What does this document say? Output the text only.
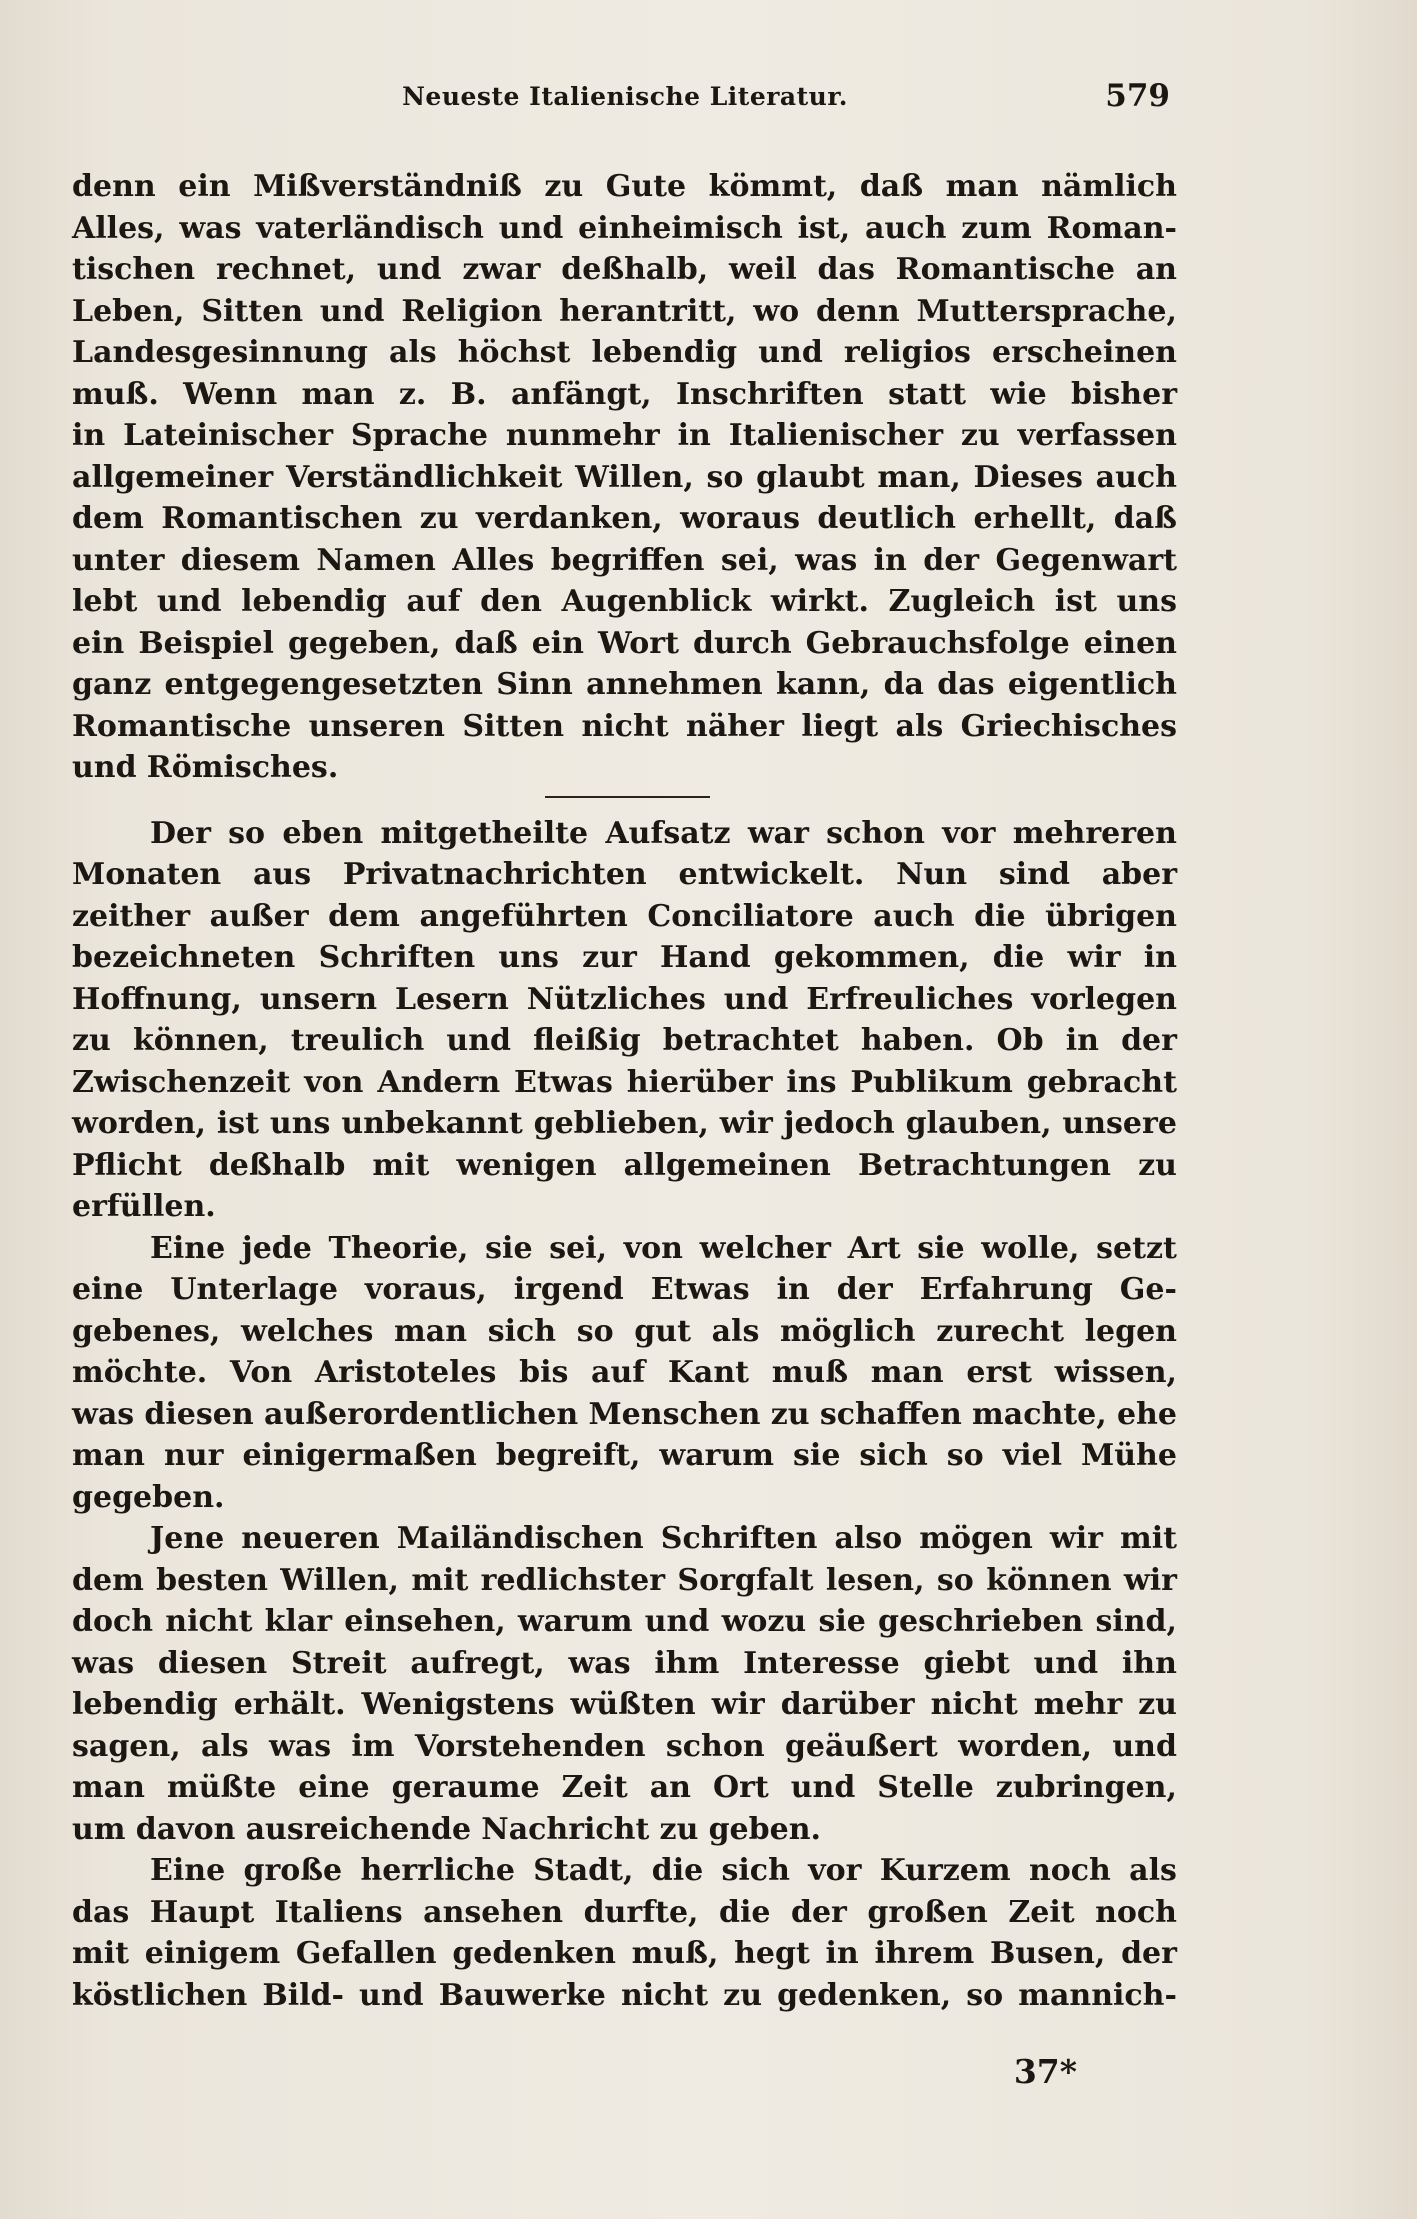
Neueste Italienische Literatur.	579
denn ein Mißverständniß zu Gute kömmt, daß man nämlich
Alles, was vaterländisch und einheimisch ist, auch zum Roman-
tischen rechnet, und zwar deßhalb, weil das Romantische an
Leben, Sitten und Religion herantritt, wo denn Muttersprache,
Landesgesinnung als höchst lebendig und religios erscheinen
muß. Wenn man z. B. anfängt, Inschriften statt wie bisher
in Lateinischer Sprache nunmehr in Italienischer zu verfassen
allgemeiner Verständlichkeit Willen, so glaubt man, Dieses auch
dem Romantischen zu verdanken, woraus deutlich erhellt, daß
unter diesem Namen Alles begriffen sei, was in der Gegenwart
lebt und lebendig auf den Augenblick wirkt. Zugleich ist uns
ein Beispiel gegeben, daß ein Wort durch Gebrauchsfolge einen
ganz entgegengesetzten Sinn annehmen kann, da das eigentlich
Romantische unseren Sitten nicht näher liegt als Griechisches
und Römisches.
Der so eben mitgetheilte Aufsatz war schon vor mehreren
Monaten aus Privatnachrichten entwickelt. Nun sind aber
zeither außer dem angeführten Conciliatore auch die übrigen
bezeichneten Schriften uns zur Hand gekommen, die wir in
Hoffnung, unsern Lesern Nützliches und Erfreuliches vorlegen
zu können, treulich und fleißig betrachtet haben. Ob in der
Zwischenzeit von Andern Etwas hierüber ins Publikum gebracht
worden, ist uns unbekannt geblieben, wir jedoch glauben, unsere
Pflicht deßhalb mit wenigen allgemeinen Betrachtungen zu
erfüllen.
Eine jede Theorie, sie sei, von welcher Art sie wolle, setzt
eine Unterlage voraus, irgend Etwas in der Erfahrung Ge-
gebenes, welches man sich so gut als möglich zurecht legen
möchte. Von Aristoteles bis auf Kant muß man erst wissen,
was diesen außerordentlichen Menschen zu schaffen machte, ehe
man nur einigermaßen begreift, warum sie sich so viel Mühe
gegeben.
Jene neueren Mailändischen Schriften also mögen wir mit
dem besten Willen, mit redlichster Sorgfalt lesen, so können wir
doch nicht klar einsehen, warum und wozu sie geschrieben sind,
was diesen Streit aufregt, was ihm Interesse giebt und ihn
lebendig erhält. Wenigstens wüßten wir darüber nicht mehr zu
sagen, als was im Vorstehenden schon geäußert worden, und
man müßte eine geraume Zeit an Ort und Stelle zubringen,
um davon ausreichende Nachricht zu geben.
Eine große herrliche Stadt, die sich vor Kurzem noch als
das Haupt Italiens ansehen durfte, die der großen Zeit noch
mit einigem Gefallen gedenken muß, hegt in ihrem Busen, der
köstlichen Bild- und Bauwerke nicht zu gedenken, so mannich-
37*
